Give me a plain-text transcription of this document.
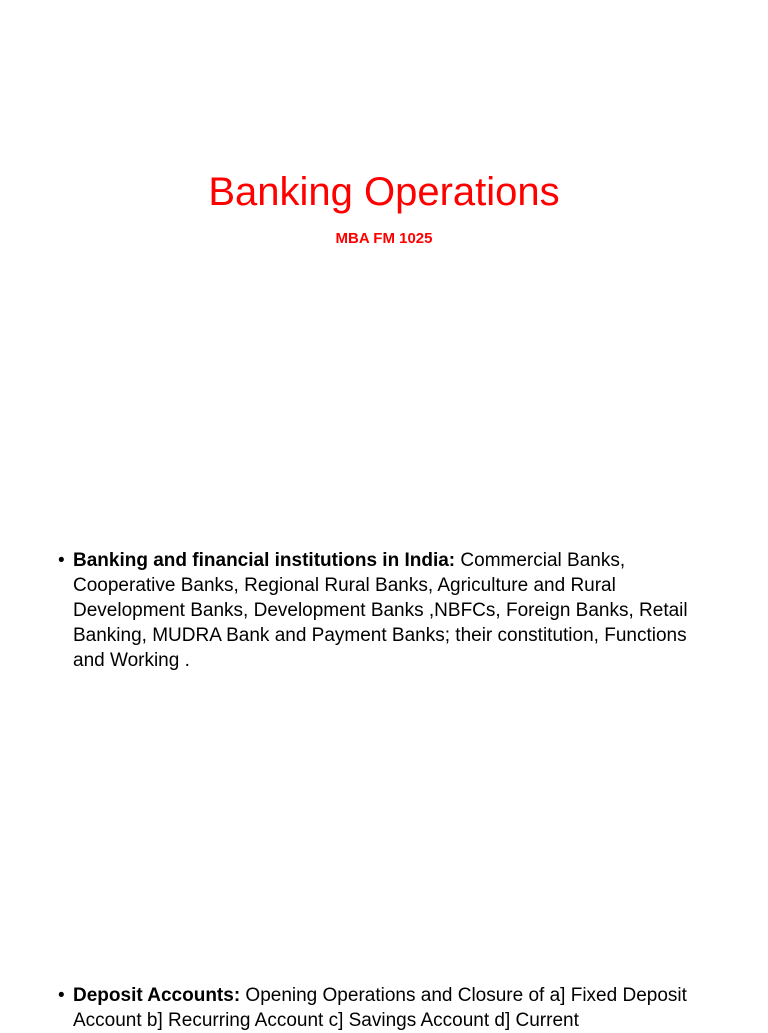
Banking Operations
MBA FM 1025
• Banking and financial institutions in India: Commercial Banks, Cooperative Banks, Regional Rural Banks, Agriculture and Rural Development Banks, Development Banks ,NBFCs, Foreign Banks, Retail Banking, MUDRA Bank and Payment Banks; their constitution, Functions and Working .
• Deposit Accounts: Opening Operations and Closure of a] Fixed Deposit Account b] Recurring Account c] Savings Account d] Current
